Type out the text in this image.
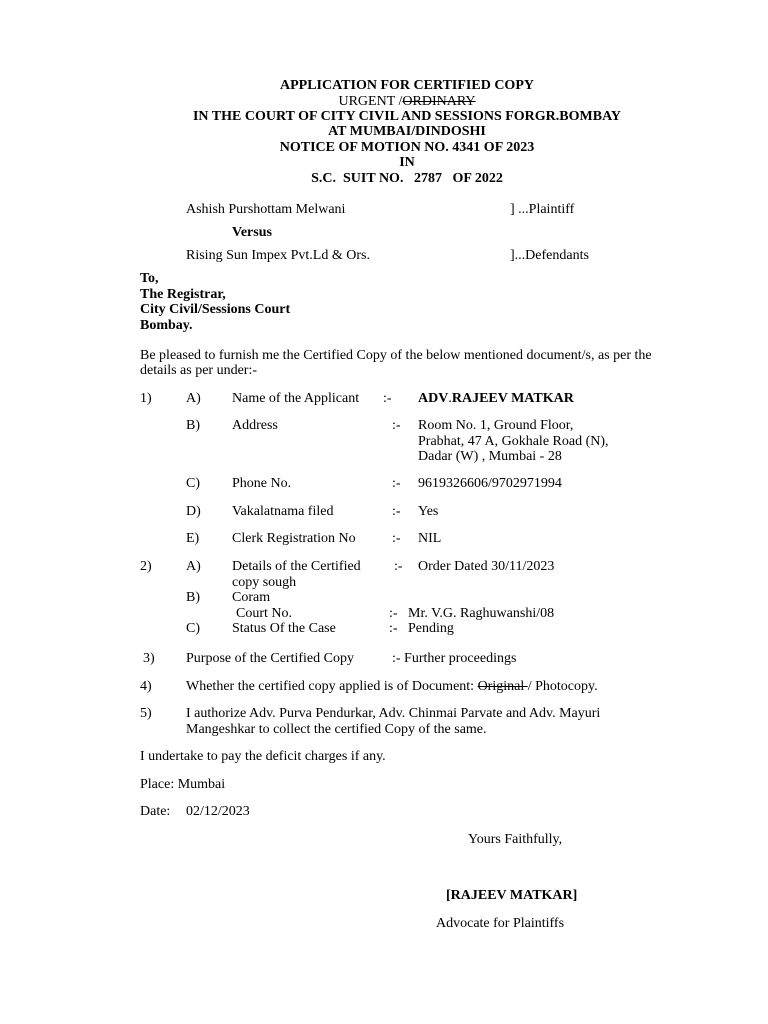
APPLICATION FOR CERTIFIED COPY
URGENT /ORDINARY
IN THE COURT OF CITY CIVIL AND SESSIONS FORGR.BOMBAY
AT MUMBAI/DINDOSHI
NOTICE OF MOTION NO. 4341 OF 2023
IN
S.C.  SUIT NO.   2787   OF 2022
Ashish Purshottam Melwani	] ...Plaintiff
Versus
Rising Sun Impex Pvt.Ld & Ors.	]...Defendants
To,
The Registrar,
City Civil/Sessions Court
Bombay.
Be pleased to furnish me the Certified Copy of the below mentioned document/s, as per the
details as per under:-
1) A) Name of the Applicant :- ADV.RAJEEV MATKAR
B) Address	:- Room No. 1, Ground Floor,
Prabhat, 47 A, Gokhale Road (N),
Dadar (W) , Mumbai - 28
C) Phone No.	:- 9619326606/9702971994
D) Vakalatnama filed	:- Yes
E) Clerk Registration No	:- NIL
2) A) Details of the Certified
copy sough
:- Order Dated 30/11/2023
B) Coram
Court No.	:- Mr. V.G. Raghuwanshi/08
C) Status Of the Case	:- Pending
3) Purpose of the Certified Copy	:- Further proceedings
4) Whether the certified copy applied is of Document: Original / Photocopy.
5) I authorize Adv. Purva Pendurkar, Adv. Chinmai Parvate and Adv. Mayuri
Mangeshkar to collect the certified Copy of the same.
I undertake to pay the deficit charges if any.
Place: Mumbai
Date: 02/12/2023
Yours Faithfully,
[RAJEEV MATKAR]
Advocate for Plaintiffs
